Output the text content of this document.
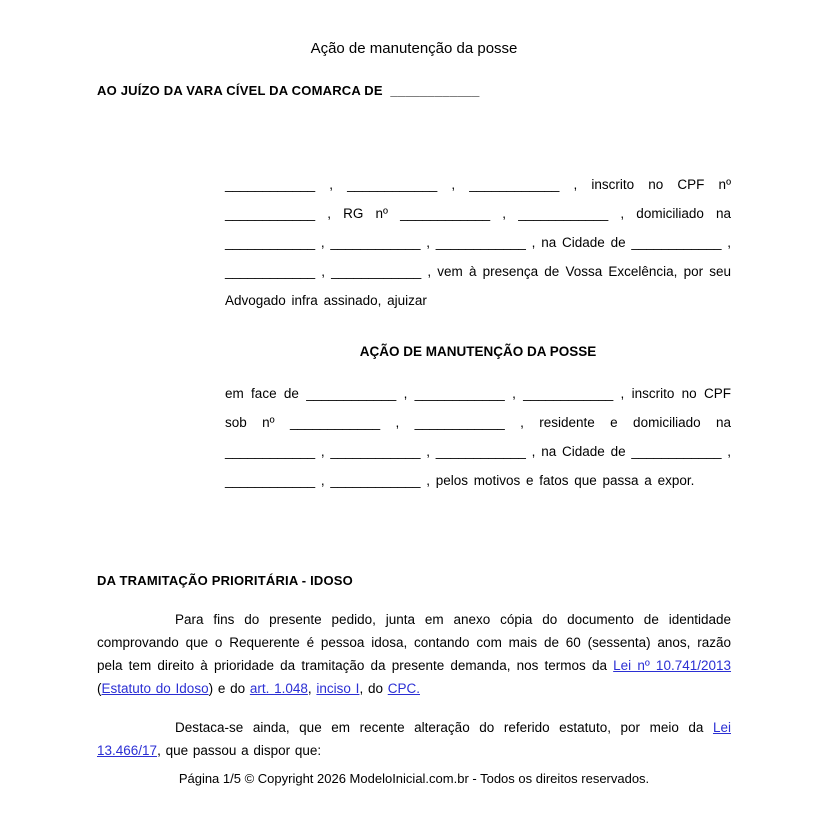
Ação de manutenção da posse

AO JUÍZO DA VARA CÍVEL DA COMARCA DE ____________

____________ , ____________ , ____________ , inscrito no CPF nº ____________ , RG nº ____________ , ____________ , domiciliado na ____________ , ____________ , ____________ , na Cidade de ____________ , ____________ , ____________ , vem à presença de Vossa Excelência, por seu Advogado infra assinado, ajuizar

AÇÃO DE MANUTENÇÃO DA POSSE

em face de ____________ , ____________ , ____________ , inscrito no CPF sob nº ____________ , ____________ , residente e domiciliado na ____________ , ____________ , ____________ , na Cidade de ____________ , ____________ , ____________ , pelos motivos e fatos que passa a expor.

DA TRAMITAÇÃO PRIORITÁRIA - IDOSO

Para fins do presente pedido, junta em anexo cópia do documento de identidade comprovando que o Requerente é pessoa idosa, contando com mais de 60 (sessenta) anos, razão pela tem direito à prioridade da tramitação da presente demanda, nos termos da Lei nº 10.741/2013 (Estatuto do Idoso) e do art. 1.048, inciso I, do CPC.

Destaca-se ainda, que em recente alteração do referido estatuto, por meio da Lei 13.466/17, que passou a dispor que:

Página 1/5 © Copyright 2026 ModeloInicial.com.br - Todos os direitos reservados.
